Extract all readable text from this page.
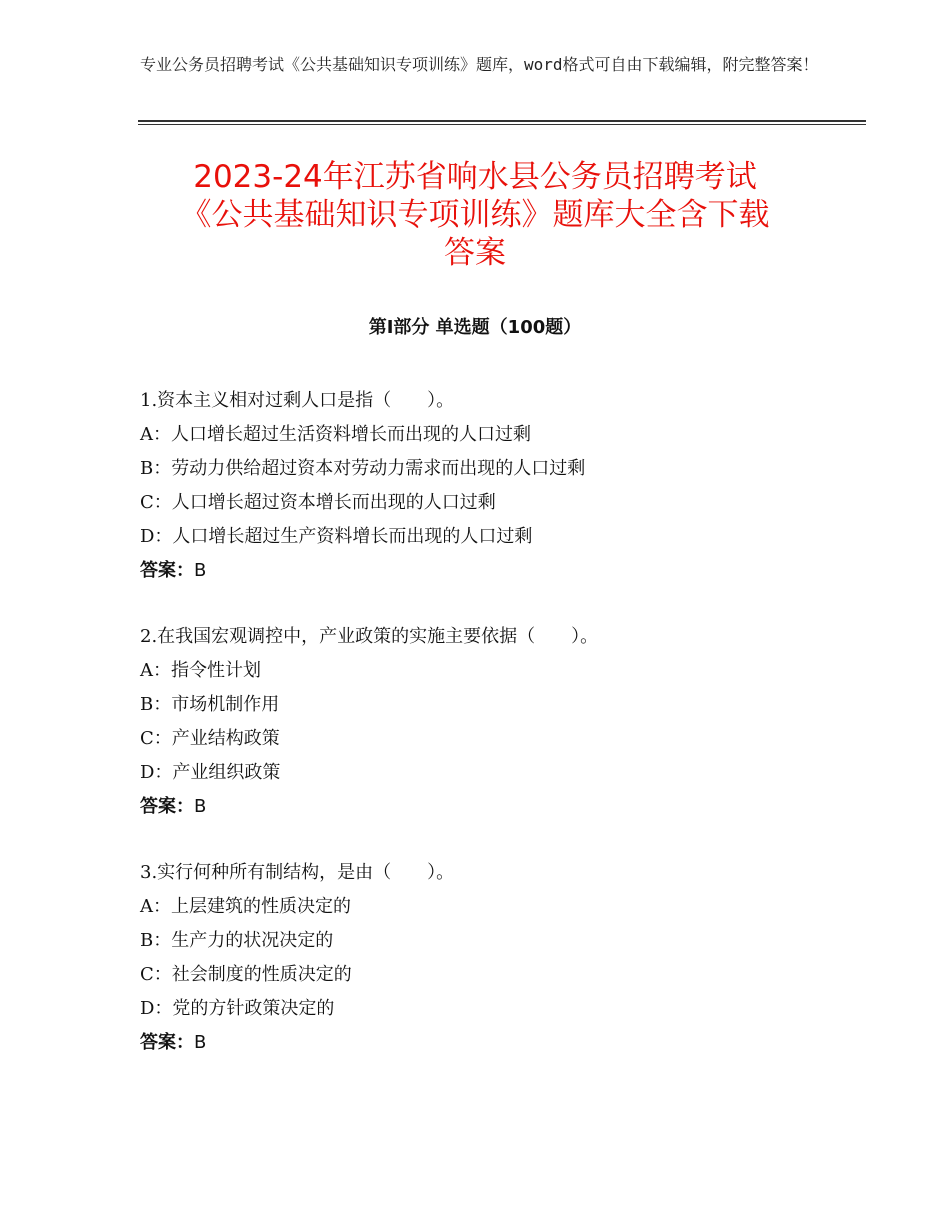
专业公务员招聘考试《公共基础知识专项训练》题库，word格式可自由下载编辑，附完整答案！
2023-24年江苏省响水县公务员招聘考试
《公共基础知识专项训练》题库大全含下载
答案
第Ⅰ部分 单选题（100题）
1.资本主义相对过剩人口是指（　　）。
A：人口增长超过生活资料增长而出现的人口过剩
B：劳动力供给超过资本对劳动力需求而出现的人口过剩
C：人口增长超过资本增长而出现的人口过剩
D：人口增长超过生产资料增长而出现的人口过剩
答案：B
2.在我国宏观调控中，产业政策的实施主要依据（　　）。
A：指令性计划
B：市场机制作用
C：产业结构政策
D：产业组织政策
答案：B
3.实行何种所有制结构，是由（　　）。
A：上层建筑的性质决定的
B：生产力的状况决定的
C：社会制度的性质决定的
D：党的方针政策决定的
答案：B
